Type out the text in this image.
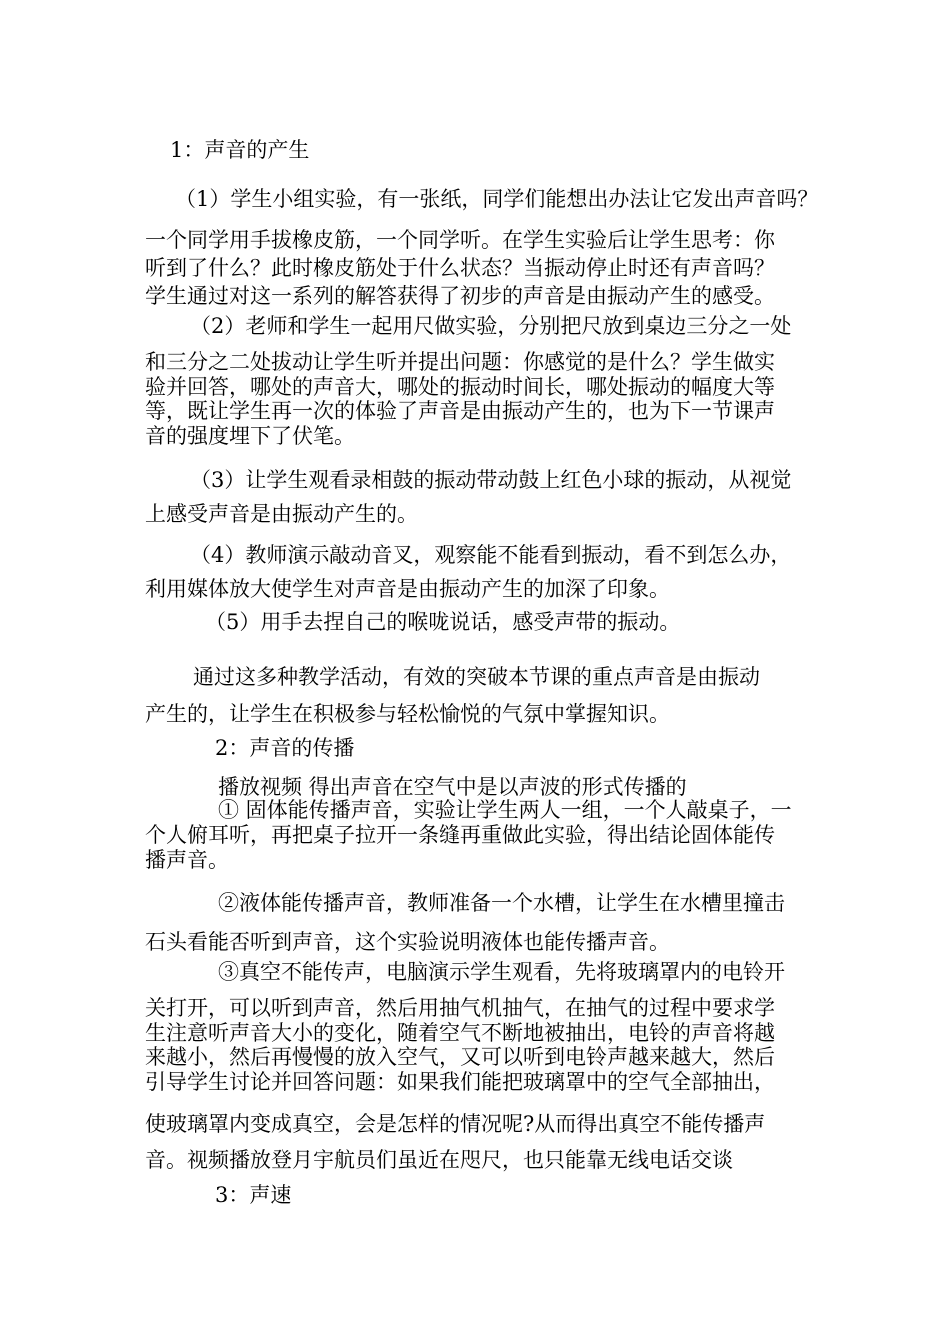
1：声音的产生

（1）学生小组实验，有一张纸，同学们能想出办法让它发出声音吗？

一个同学用手拔橡皮筋，一个同学听。在学生实验后让学生思考：你
听到了什么？此时橡皮筋处于什么状态？当振动停止时还有声音吗？
学生通过对这一系列的解答获得了初步的声音是由振动产生的感受。

（2）老师和学生一起用尺做实验，分别把尺放到桌边三分之一处

和三分之二处拔动让学生听并提出问题：你感觉的是什么？学生做实
验并回答，哪处的声音大，哪处的振动时间长，哪处振动的幅度大等
等，既让学生再一次的体验了声音是由振动产生的，也为下一节课声
音的强度埋下了伏笔。

（3）让学生观看录相鼓的振动带动鼓上红色小球的振动，从视觉
上感受声音是由振动产生的。

（4）教师演示敲动音叉，观察能不能看到振动，看不到怎么办，
利用媒体放大使学生对声音是由振动产生的加深了印象。

（5）用手去捏自己的喉咙说话，感受声带的振动。

通过这多种教学活动，有效的突破本节课的重点声音是由振动
产生的，让学生在积极参与轻松愉悦的气氛中掌握知识。

2：声音的传播

播放视频 得出声音在空气中是以声波的形式传播的

① 固体能传播声音，实验让学生两人一组，一个人敲桌子，一
个人俯耳听，再把桌子拉开一条缝再重做此实验，得出结论固体能传
播声音。

②液体能传播声音，教师准备一个水槽，让学生在水槽里撞击
石头看能否听到声音，这个实验说明液体也能传播声音。

③真空不能传声，电脑演示学生观看，先将玻璃罩内的电铃开

关打开，可以听到声音，然后用抽气机抽气，在抽气的过程中要求学
生注意听声音大小的变化，随着空气不断地被抽出，电铃的声音将越
来越小，然后再慢慢的放入空气，又可以听到电铃声越来越大，然后
引导学生讨论并回答问题：如果我们能把玻璃罩中的空气全部抽出，

使玻璃罩内变成真空，会是怎样的情况呢?从而得出真空不能传播声
音。视频播放登月宇航员们虽近在咫尺，也只能靠无线电话交谈

3：声速
